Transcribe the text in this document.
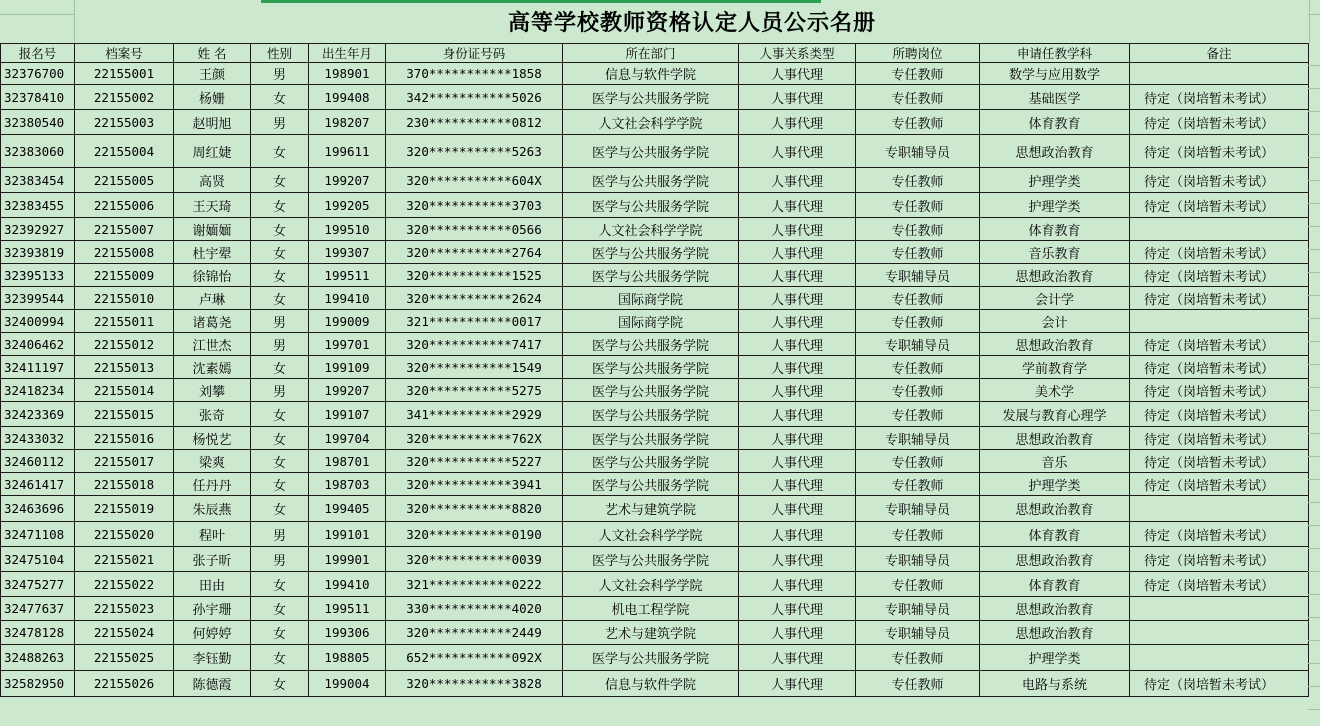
高等学校教师资格认定人员公示名册
报名号	档案号	姓 名	性别	出生年月	身份证号码	所在部门	人事关系类型	所聘岗位	申请任教学科	备注
32376700	22155001	王颜	男	198901	370***********1858	信息与软件学院	人事代理	专任教师	数学与应用数学	
32378410	22155002	杨姗	女	199408	342***********5026	医学与公共服务学院	人事代理	专任教师	基础医学	待定（岗培暂未考试）
32380540	22155003	赵明旭	男	198207	230***********0812	人文社会科学学院	人事代理	专任教师	体育教育	待定（岗培暂未考试）
32383060	22155004	周红婕	女	199611	320***********5263	医学与公共服务学院	人事代理	专职辅导员	思想政治教育	待定（岗培暂未考试）
32383454	22155005	高贤	女	199207	320***********604X	医学与公共服务学院	人事代理	专任教师	护理学类	待定（岗培暂未考试）
32383455	22155006	王天琦	女	199205	320***********3703	医学与公共服务学院	人事代理	专任教师	护理学类	待定（岗培暂未考试）
32392927	22155007	谢媔媔	女	199510	320***********0566	人文社会科学学院	人事代理	专任教师	体育教育	
32393819	22155008	杜宇翚	女	199307	320***********2764	医学与公共服务学院	人事代理	专任教师	音乐教育	待定（岗培暂未考试）
32395133	22155009	徐锦怡	女	199511	320***********1525	医学与公共服务学院	人事代理	专职辅导员	思想政治教育	待定（岗培暂未考试）
32399544	22155010	卢琳	女	199410	320***********2624	国际商学院	人事代理	专任教师	会计学	待定（岗培暂未考试）
32400994	22155011	诸葛尧	男	199009	321***********0017	国际商学院	人事代理	专任教师	会计	
32406462	22155012	江世杰	男	199701	320***********7417	医学与公共服务学院	人事代理	专职辅导员	思想政治教育	待定（岗培暂未考试）
32411197	22155013	沈素嫣	女	199109	320***********1549	医学与公共服务学院	人事代理	专任教师	学前教育学	待定（岗培暂未考试）
32418234	22155014	刘攀	男	199207	320***********5275	医学与公共服务学院	人事代理	专任教师	美术学	待定（岗培暂未考试）
32423369	22155015	张奇	女	199107	341***********2929	医学与公共服务学院	人事代理	专任教师	发展与教育心理学	待定（岗培暂未考试）
32433032	22155016	杨悦艺	女	199704	320***********762X	医学与公共服务学院	人事代理	专职辅导员	思想政治教育	待定（岗培暂未考试）
32460112	22155017	梁爽	女	198701	320***********5227	医学与公共服务学院	人事代理	专任教师	音乐	待定（岗培暂未考试）
32461417	22155018	任丹丹	女	198703	320***********3941	医学与公共服务学院	人事代理	专任教师	护理学类	待定（岗培暂未考试）
32463696	22155019	朱辰燕	女	199405	320***********8820	艺术与建筑学院	人事代理	专职辅导员	思想政治教育	
32471108	22155020	程叶	男	199101	320***********0190	人文社会科学学院	人事代理	专任教师	体育教育	待定（岗培暂未考试）
32475104	22155021	张子昕	男	199901	320***********0039	医学与公共服务学院	人事代理	专职辅导员	思想政治教育	待定（岗培暂未考试）
32475277	22155022	田由	女	199410	321***********0222	人文社会科学学院	人事代理	专任教师	体育教育	待定（岗培暂未考试）
32477637	22155023	孙宇珊	女	199511	330***********4020	机电工程学院	人事代理	专职辅导员	思想政治教育	
32478128	22155024	何婷婷	女	199306	320***********2449	艺术与建筑学院	人事代理	专职辅导员	思想政治教育	
32488263	22155025	李钰勤	女	198805	652***********092X	医学与公共服务学院	人事代理	专任教师	护理学类	
32582950	22155026	陈德霞	女	199004	320***********3828	信息与软件学院	人事代理	专任教师	电路与系统	待定（岗培暂未考试）
